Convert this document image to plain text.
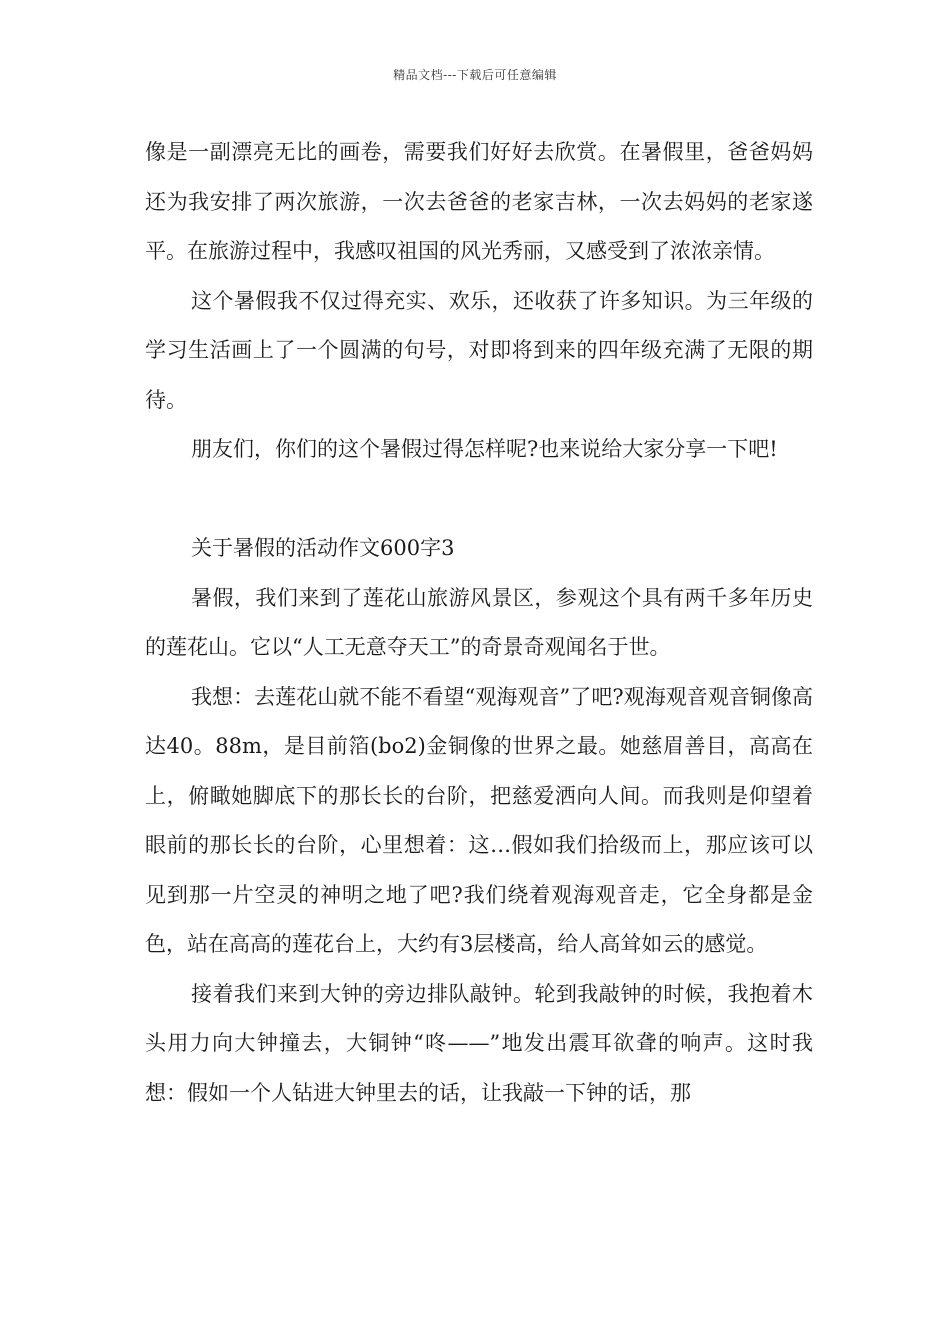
精品文档---下载后可任意编辑

像是一副漂亮无比的画卷，需要我们好好去欣赏。在暑假里，爸爸妈妈还为我安排了两次旅游，一次去爸爸的老家吉林，一次去妈妈的老家遂平。在旅游过程中，我感叹祖国的风光秀丽，又感受到了浓浓亲情。

这个暑假我不仅过得充实、欢乐，还收获了许多知识。为三年级的学习生活画上了一个圆满的句号，对即将到来的四年级充满了无限的期待。

朋友们，你们的这个暑假过得怎样呢?也来说给大家分享一下吧!

关于暑假的活动作文600字3

暑假，我们来到了莲花山旅游风景区，参观这个具有两千多年历史的莲花山。它以“人工无意夺天工”的奇景奇观闻名于世。

我想：去莲花山就不能不看望“观海观音”了吧?观海观音观音铜像高达40。88m，是目前箔(bo2)金铜像的世界之最。她慈眉善目，高高在上，俯瞰她脚底下的那长长的台阶，把慈爱洒向人间。而我则是仰望着眼前的那长长的台阶，心里想着：这…假如我们拾级而上，那应该可以见到那一片空灵的神明之地了吧?我们绕着观海观音走，它全身都是金色，站在高高的莲花台上，大约有3层楼高，给人高耸如云的感觉。

接着我们来到大钟的旁边排队敲钟。轮到我敲钟的时候，我抱着木头用力向大钟撞去，大铜钟“咚——”地发出震耳欲聋的响声。这时我想：假如一个人钻进大钟里去的话，让我敲一下钟的话，那
